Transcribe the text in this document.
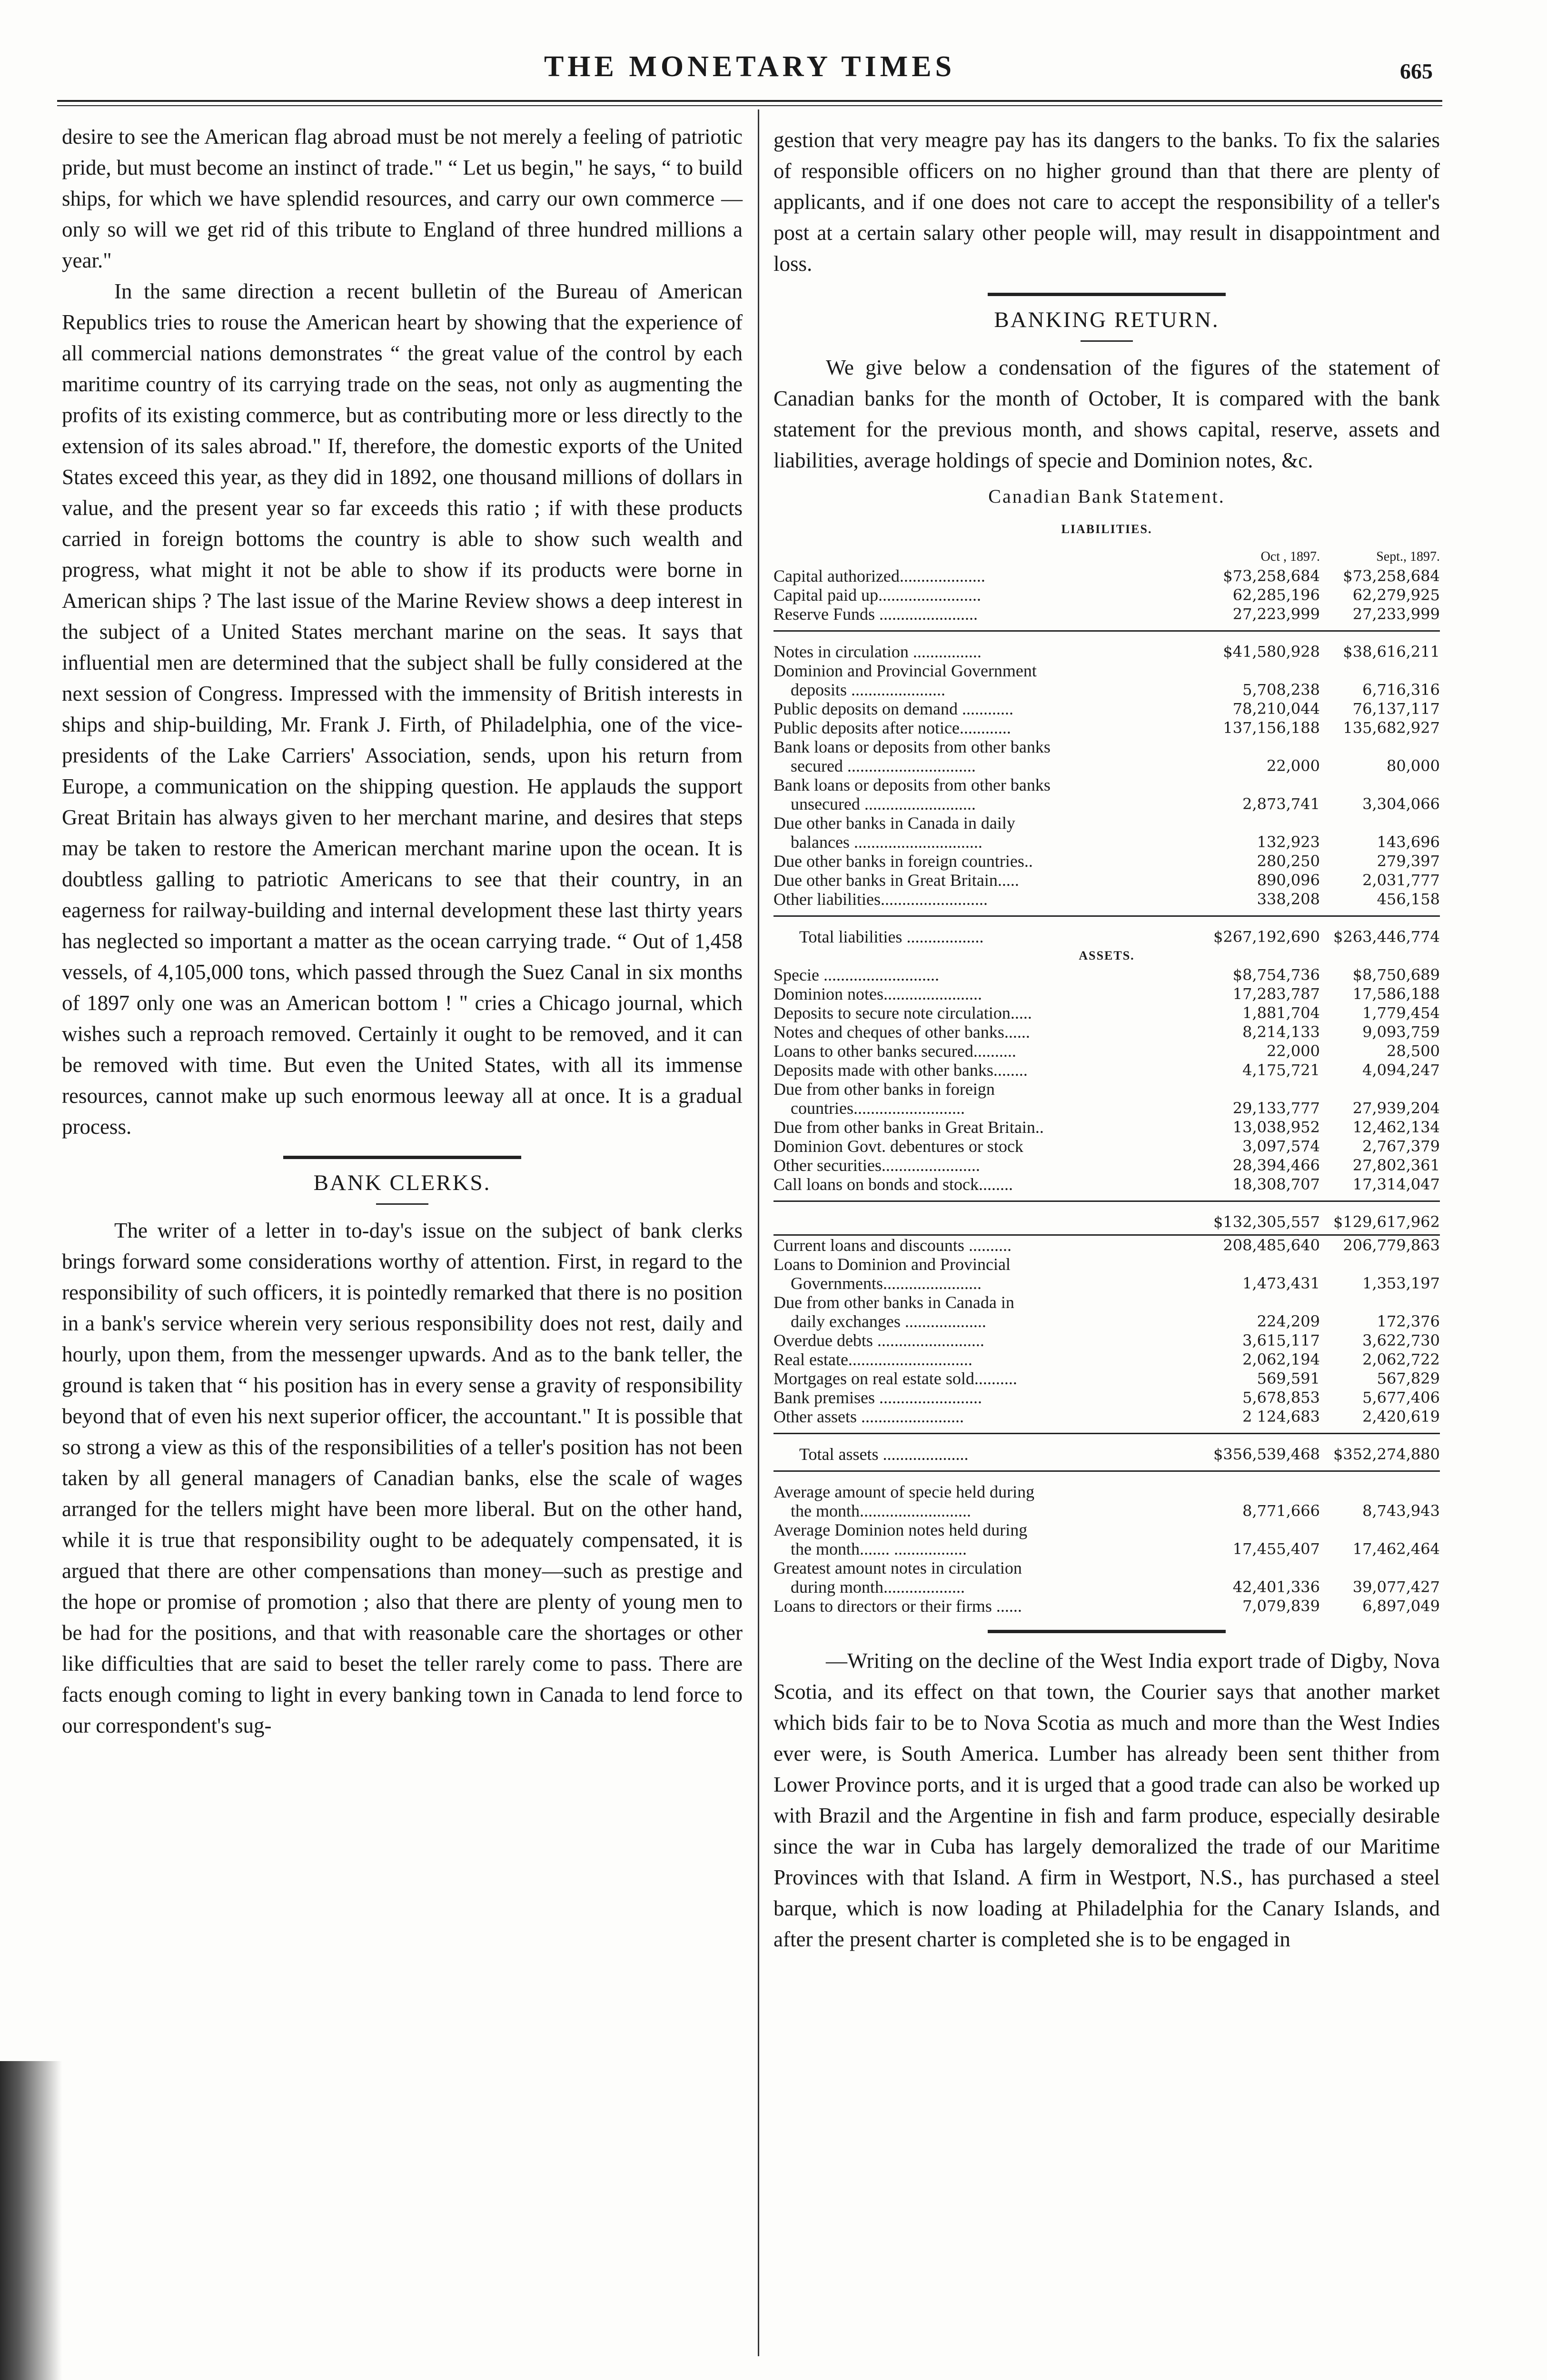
THE MONETARY TIMES	665

desire to see the American flag abroad must be not merely a feeling of patriotic pride, but must become an instinct of trade." “ Let us begin," he says, “ to build ships, for which we have splendid resources, and carry our own commerce —only so will we get rid of this tribute to England of three hundred millions a year."

In the same direction a recent bulletin of the Bureau of American Republics tries to rouse the American heart by showing that the experience of all commercial nations demonstrates “ the great value of the control by each maritime country of its carrying trade on the seas, not only as augmenting the profits of its existing commerce, but as contributing more or less directly to the extension of its sales abroad." If, therefore, the domestic exports of the United States exceed this year, as they did in 1892, one thousand millions of dollars in value, and the present year so far exceeds this ratio ; if with these products carried in foreign bottoms the country is able to show such wealth and progress, what might it not be able to show if its products were borne in American ships ? The last issue of the Marine Review shows a deep interest in the subject of a United States merchant marine on the seas. It says that influential men are determined that the subject shall be fully considered at the next session of Congress. Impressed with the immensity of British interests in ships and ship-building, Mr. Frank J. Firth, of Philadelphia, one of the vice-presidents of the Lake Carriers' Association, sends, upon his return from Europe, a communication on the shipping question. He applauds the support Great Britain has always given to her merchant marine, and desires that steps may be taken to restore the American merchant marine upon the ocean. It is doubtless galling to patriotic Americans to see that their country, in an eagerness for railway-building and internal development these last thirty years has neglected so important a matter as the ocean carrying trade. “ Out of 1,458 vessels, of 4,105,000 tons, which passed through the Suez Canal in six months of 1897 only one was an American bottom ! " cries a Chicago journal, which wishes such a reproach removed. Certainly it ought to be removed, and it can be removed with time. But even the United States, with all its immense resources, cannot make up such enormous leeway all at once. It is a gradual process.

BANK CLERKS.

The writer of a letter in to-day's issue on the subject of bank clerks brings forward some considerations worthy of attention. First, in regard to the responsibility of such officers, it is pointedly remarked that there is no position in a bank's service wherein very serious responsibility does not rest, daily and hourly, upon them, from the messenger upwards. And as to the bank teller, the ground is taken that “ his position has in every sense a gravity of responsibility beyond that of even his next superior officer, the accountant." It is possible that so strong a view as this of the responsibilities of a teller's position has not been taken by all general managers of Canadian banks, else the scale of wages arranged for the tellers might have been more liberal. But on the other hand, while it is true that responsibility ought to be adequately compensated, it is argued that there are other compensations than money—such as prestige and the hope or promise of promotion ; also that there are plenty of young men to be had for the positions, and that with reasonable care the shortages or other like difficulties that are said to beset the teller rarely come to pass. There are facts enough coming to light in every banking town in Canada to lend force to our correspondent's sug-

gestion that very meagre pay has its dangers to the banks. To fix the salaries of responsible officers on no higher ground than that there are plenty of applicants, and if one does not care to accept the responsibility of a teller's post at a certain salary other people will, may result in disappointment and loss.

BANKING RETURN.

We give below a condensation of the figures of the statement of Canadian banks for the month of October, It is compared with the bank statement for the previous month, and shows capital, reserve, assets and liabilities, average holdings of specie and Dominion notes, &c.

Canadian Bank Statement.
LIABILITIES.
	Oct , 1897.	Sept., 1897.
Capital authorized....................	$73,258,684	$73,258,684
Capital paid up........................	62,285,196	62,279,925
Reserve Funds .......................	27,223,999	27,233,999

Notes in circulation ................	$41,580,928	$38,616,211
Dominion and Provincial Government		
deposits ......................	5,708,238	6,716,316
Public deposits on demand ............	78,210,044	76,137,117
Public deposits after notice............	137,156,188	135,682,927
Bank loans or deposits from other banks		
secured ..............................	22,000	80,000
Bank loans or deposits from other banks		
unsecured ..........................	2,873,741	3,304,066
Due other banks in Canada in daily		
balances ..............................	132,923	143,696
Due other banks in foreign countries..	280,250	279,397
Due other banks in Great Britain.....	890,096	2,031,777
Other liabilities.........................	338,208	456,158

Total liabilities ..................	$267,192,690	$263,446,774
ASSETS.		
Specie ...........................	$8,754,736	$8,750,689
Dominion notes.......................	17,283,787	17,586,188
Deposits to secure note circulation.....	1,881,704	1,779,454
Notes and cheques of other banks......	8,214,133	9,093,759
Loans to other banks secured..........	22,000	28,500
Deposits made with other banks........	4,175,721	4,094,247
Due from other banks in foreign		
countries..........................	29,133,777	27,939,204
Due from other banks in Great Britain..	13,038,952	12,462,134
Dominion Govt. debentures or stock	3,097,574	2,767,379
Other securities.......................	28,394,466	27,802,361
Call loans on bonds and stock........	18,308,707	17,314,047

	$132,305,557	$129,617,962

Current loans and discounts ..........	208,485,640	206,779,863
Loans to Dominion and Provincial		
Governments.......................	1,473,431	1,353,197
Due from other banks in Canada in		
daily exchanges ...................	224,209	172,376
Overdue debts .........................	3,615,117	3,622,730
Real estate.............................	2,062,194	2,062,722
Mortgages on real estate sold..........	569,591	567,829
Bank premises ........................	5,678,853	5,677,406
Other assets ........................	2 124,683	2,420,619

Total assets ....................	$356,539,468	$352,274,880

Average amount of specie held during		
the month..........................	8,771,666	8,743,943
Average Dominion notes held during		
the month....... .................	17,455,407	17,462,464
Greatest amount notes in circulation		
during month...................	42,401,336	39,077,427
Loans to directors or their firms ......	7,079,839	6,897,049

—Writing on the decline of the West India export trade of Digby, Nova Scotia, and its effect on that town, the Courier says that another market which bids fair to be to Nova Scotia as much and more than the West Indies ever were, is South America. Lumber has already been sent thither from Lower Province ports, and it is urged that a good trade can also be worked up with Brazil and the Argentine in fish and farm produce, especially desirable since the war in Cuba has largely demoralized the trade of our Maritime Provinces with that Island. A firm in Westport, N.S., has purchased a steel barque, which is now loading at Philadelphia for the Canary Islands, and after the present charter is completed she is to be engaged in
